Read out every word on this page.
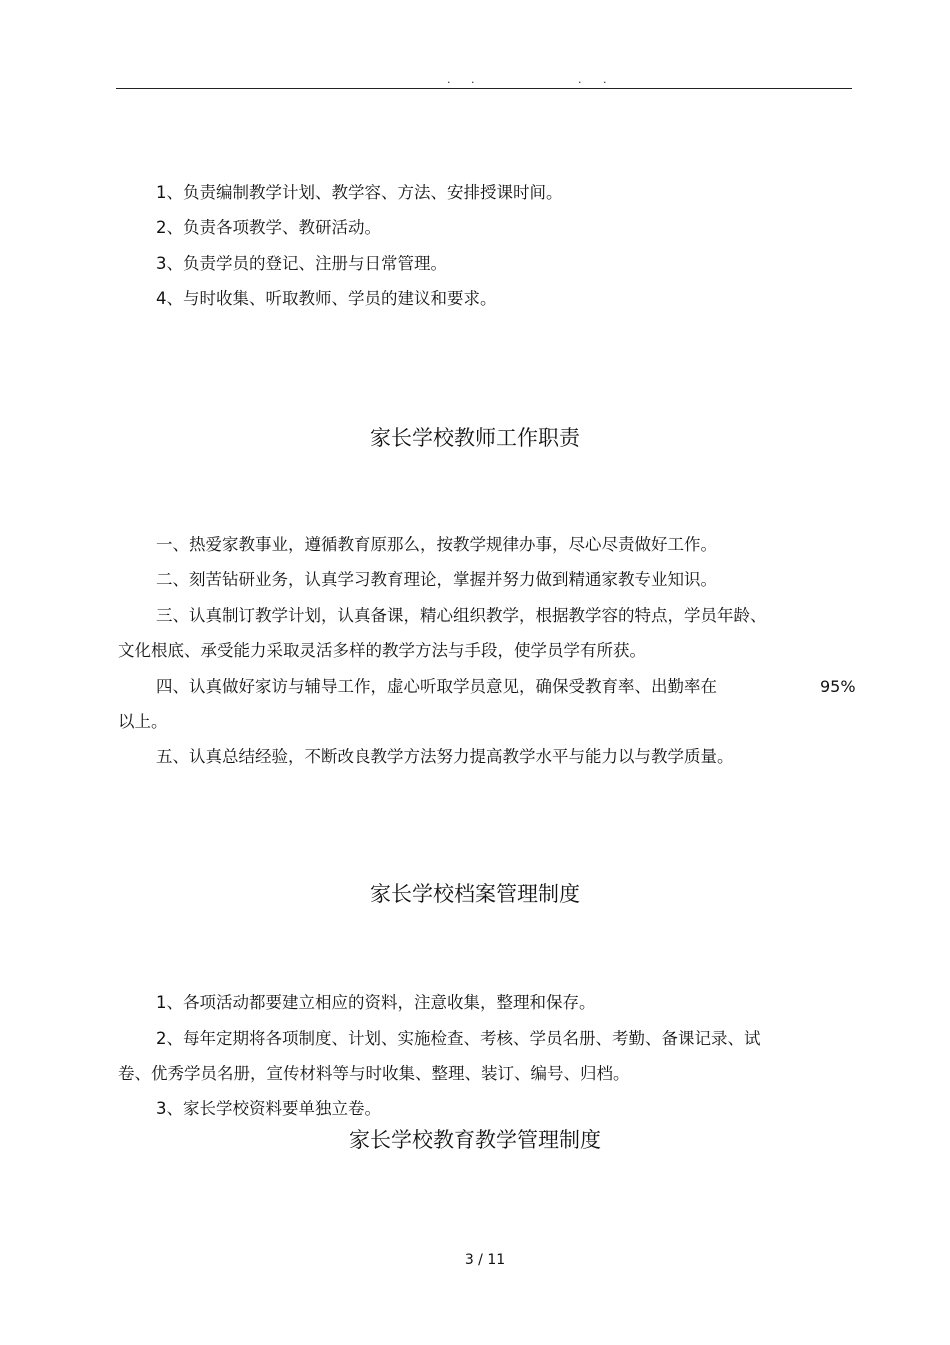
. .	. .
1、负责编制教学计划、教学容、方法、安排授课时间。
2、负责各项教学、教研活动。
3、负责学员的登记、注册与日常管理。
4、与时收集、听取教师、学员的建议和要求。
家长学校教师工作职责
一、热爱家教事业，遵循教育原那么，按教学规律办事，尽心尽责做好工作。
二、刻苦钻研业务，认真学习教育理论，掌握并努力做到精通家教专业知识。
三、认真制订教学计划，认真备课，精心组织教学，根据教学容的特点，学员年龄、
文化根底、承受能力采取灵活多样的教学方法与手段，使学员学有所获。
四、认真做好家访与辅导工作，虚心听取学员意见，确保受教育率、出勤率在	95%
以上。
五、认真总结经验，不断改良教学方法努力提高教学水平与能力以与教学质量。
家长学校档案管理制度
1、各项活动都要建立相应的资料，注意收集，整理和保存。
2、每年定期将各项制度、计划、实施检查、考核、学员名册、考勤、备课记录、试
卷、优秀学员名册，宣传材料等与时收集、整理、装订、编号、归档。
3、家长学校资料要单独立卷。
家长学校教育教学管理制度
3 / 11
